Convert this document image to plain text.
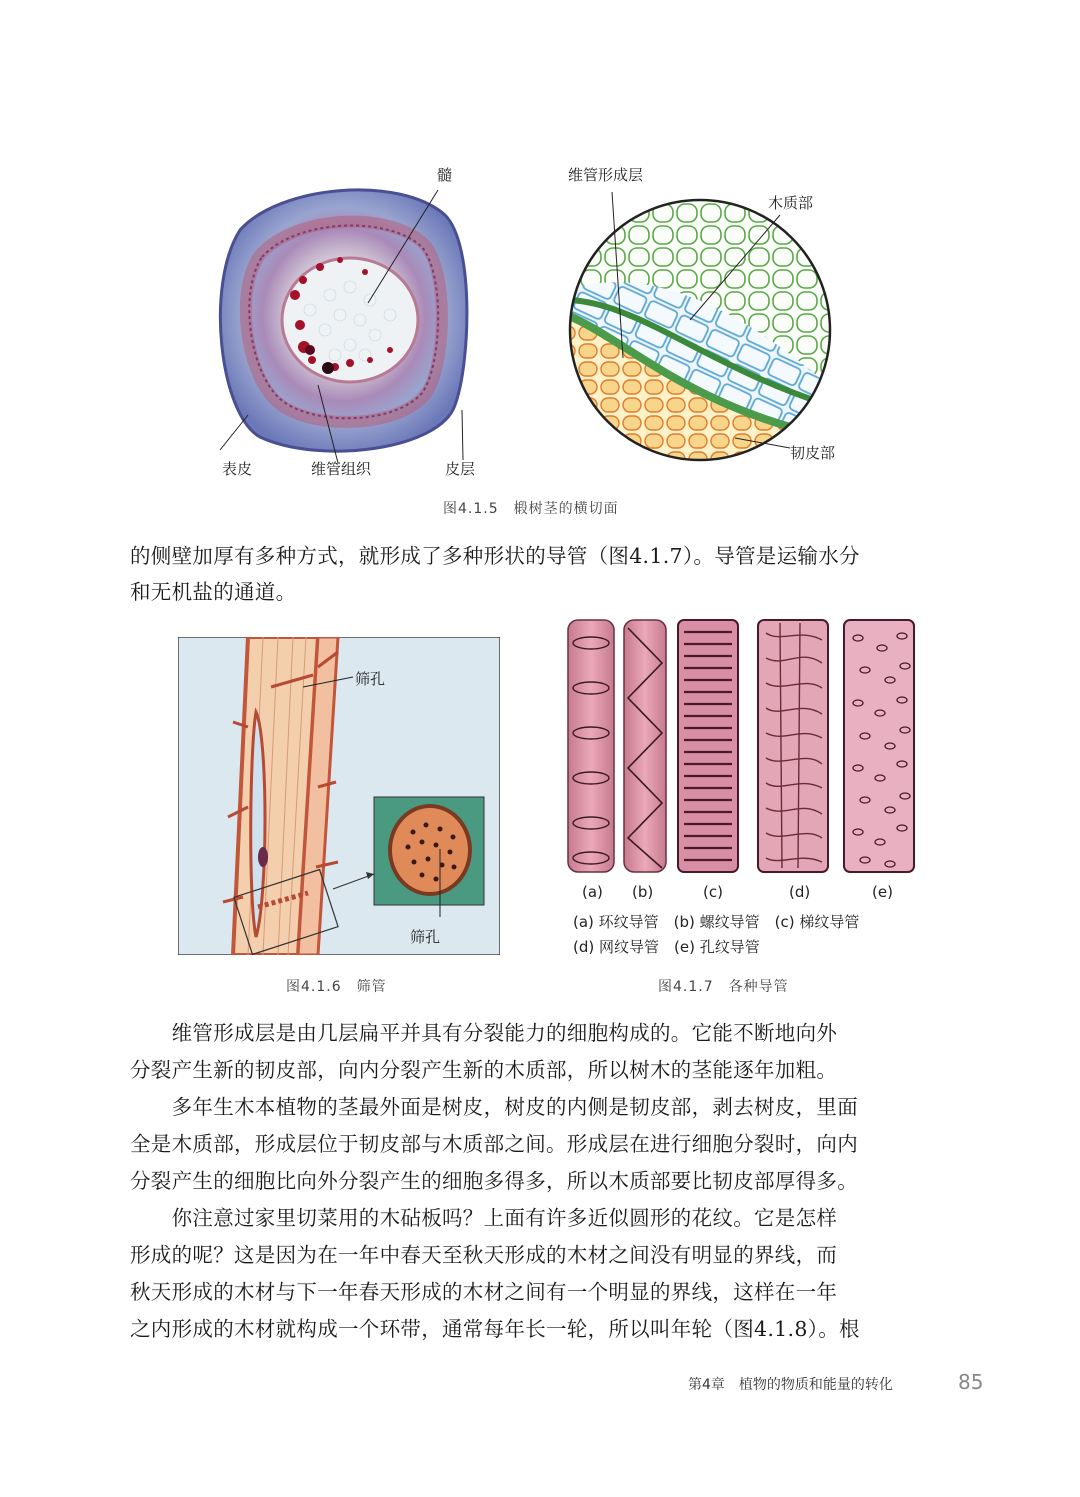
髓
表皮	维管组织	皮层
维管形成层
木质部
韧皮部
图4.1.5　椴树茎的横切面
的侧壁加厚有多种方式，就形成了多种形状的导管（图4.1.7）。导管是运输水分
和无机盐的通道。
筛孔
筛孔
图4.1.6　筛管
(a) (b)	(c)	(d)	(e)
(a) 环纹导管　(b) 螺纹导管　(c) 梯纹导管
(d) 网纹导管　(e) 孔纹导管
图4.1.7　各种导管
　　维管形成层是由几层扁平并具有分裂能力的细胞构成的。它能不断地向外
分裂产生新的韧皮部，向内分裂产生新的木质部，所以树木的茎能逐年加粗。
　　多年生木本植物的茎最外面是树皮，树皮的内侧是韧皮部，剥去树皮，里面
全是木质部，形成层位于韧皮部与木质部之间。形成层在进行细胞分裂时，向内
分裂产生的细胞比向外分裂产生的细胞多得多，所以木质部要比韧皮部厚得多。
　　你注意过家里切菜用的木砧板吗？上面有许多近似圆形的花纹。它是怎样
形成的呢？这是因为在一年中春天至秋天形成的木材之间没有明显的界线，而
秋天形成的木材与下一年春天形成的木材之间有一个明显的界线，这样在一年
之内形成的木材就构成一个环带，通常每年长一轮，所以叫年轮（图4.1.8）。根
第4章　植物的物质和能量的转化	85
